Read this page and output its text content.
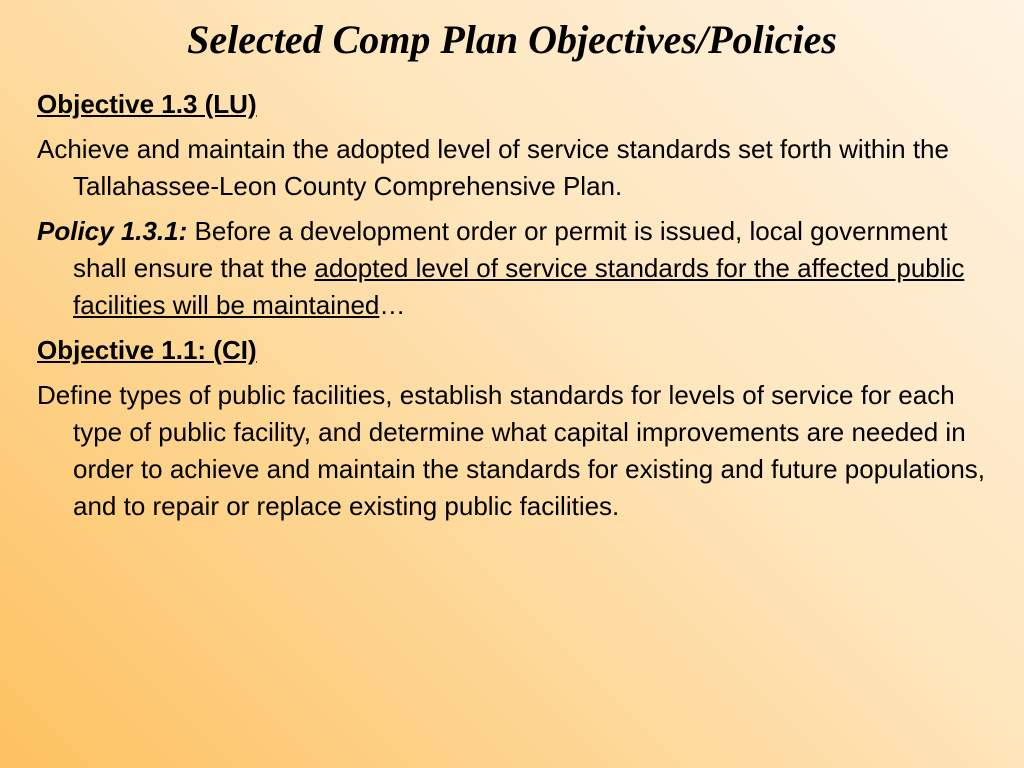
Selected Comp Plan Objectives/Policies

Objective 1.3 (LU)

Achieve and maintain the adopted level of service standards set forth within the Tallahassee-Leon County Comprehensive Plan.

Policy 1.3.1: Before a development order or permit is issued, local government shall ensure that the adopted level of service standards for the affected public facilities will be maintained…

Objective 1.1: (CI)

Define types of public facilities, establish standards for levels of service for each type of public facility, and determine what capital improvements are needed in order to achieve and maintain the standards for existing and future populations, and to repair or replace existing public facilities.
